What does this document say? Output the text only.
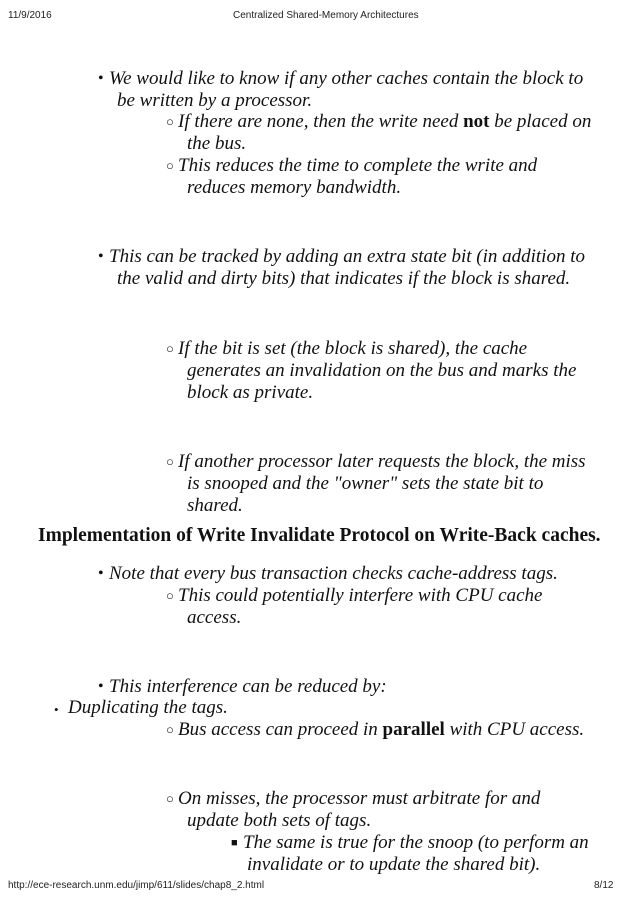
11/9/2016	Centralized Shared-Memory Architectures
• We would like to know if any other caches contain the block to
be written by a processor.
○ If there are none, then the write need not be placed on
the bus.
○ This reduces the time to complete the write and
reduces memory bandwidth.
• This can be tracked by adding an extra state bit (in addition to
the valid and dirty bits) that indicates if the block is shared.
○ If the bit is set (the block is shared), the cache
generates an invalidation on the bus and marks the
block as private.
○ If another processor later requests the block, the miss
is snooped and the "owner" sets the state bit to
shared.
Implementation of Write Invalidate Protocol on Write-Back caches.
• Note that every bus transaction checks cache-address tags.
○ This could potentially interfere with CPU cache
access.
• This interference can be reduced by:
• Duplicating the tags.
○ Bus access can proceed in parallel with CPU access.
○ On misses, the processor must arbitrate for and
update both sets of tags.
■ The same is true for the snoop (to perform an
invalidate or to update the shared bit).
http://ece-research.unm.edu/jimp/611/slides/chap8_2.html	8/12
